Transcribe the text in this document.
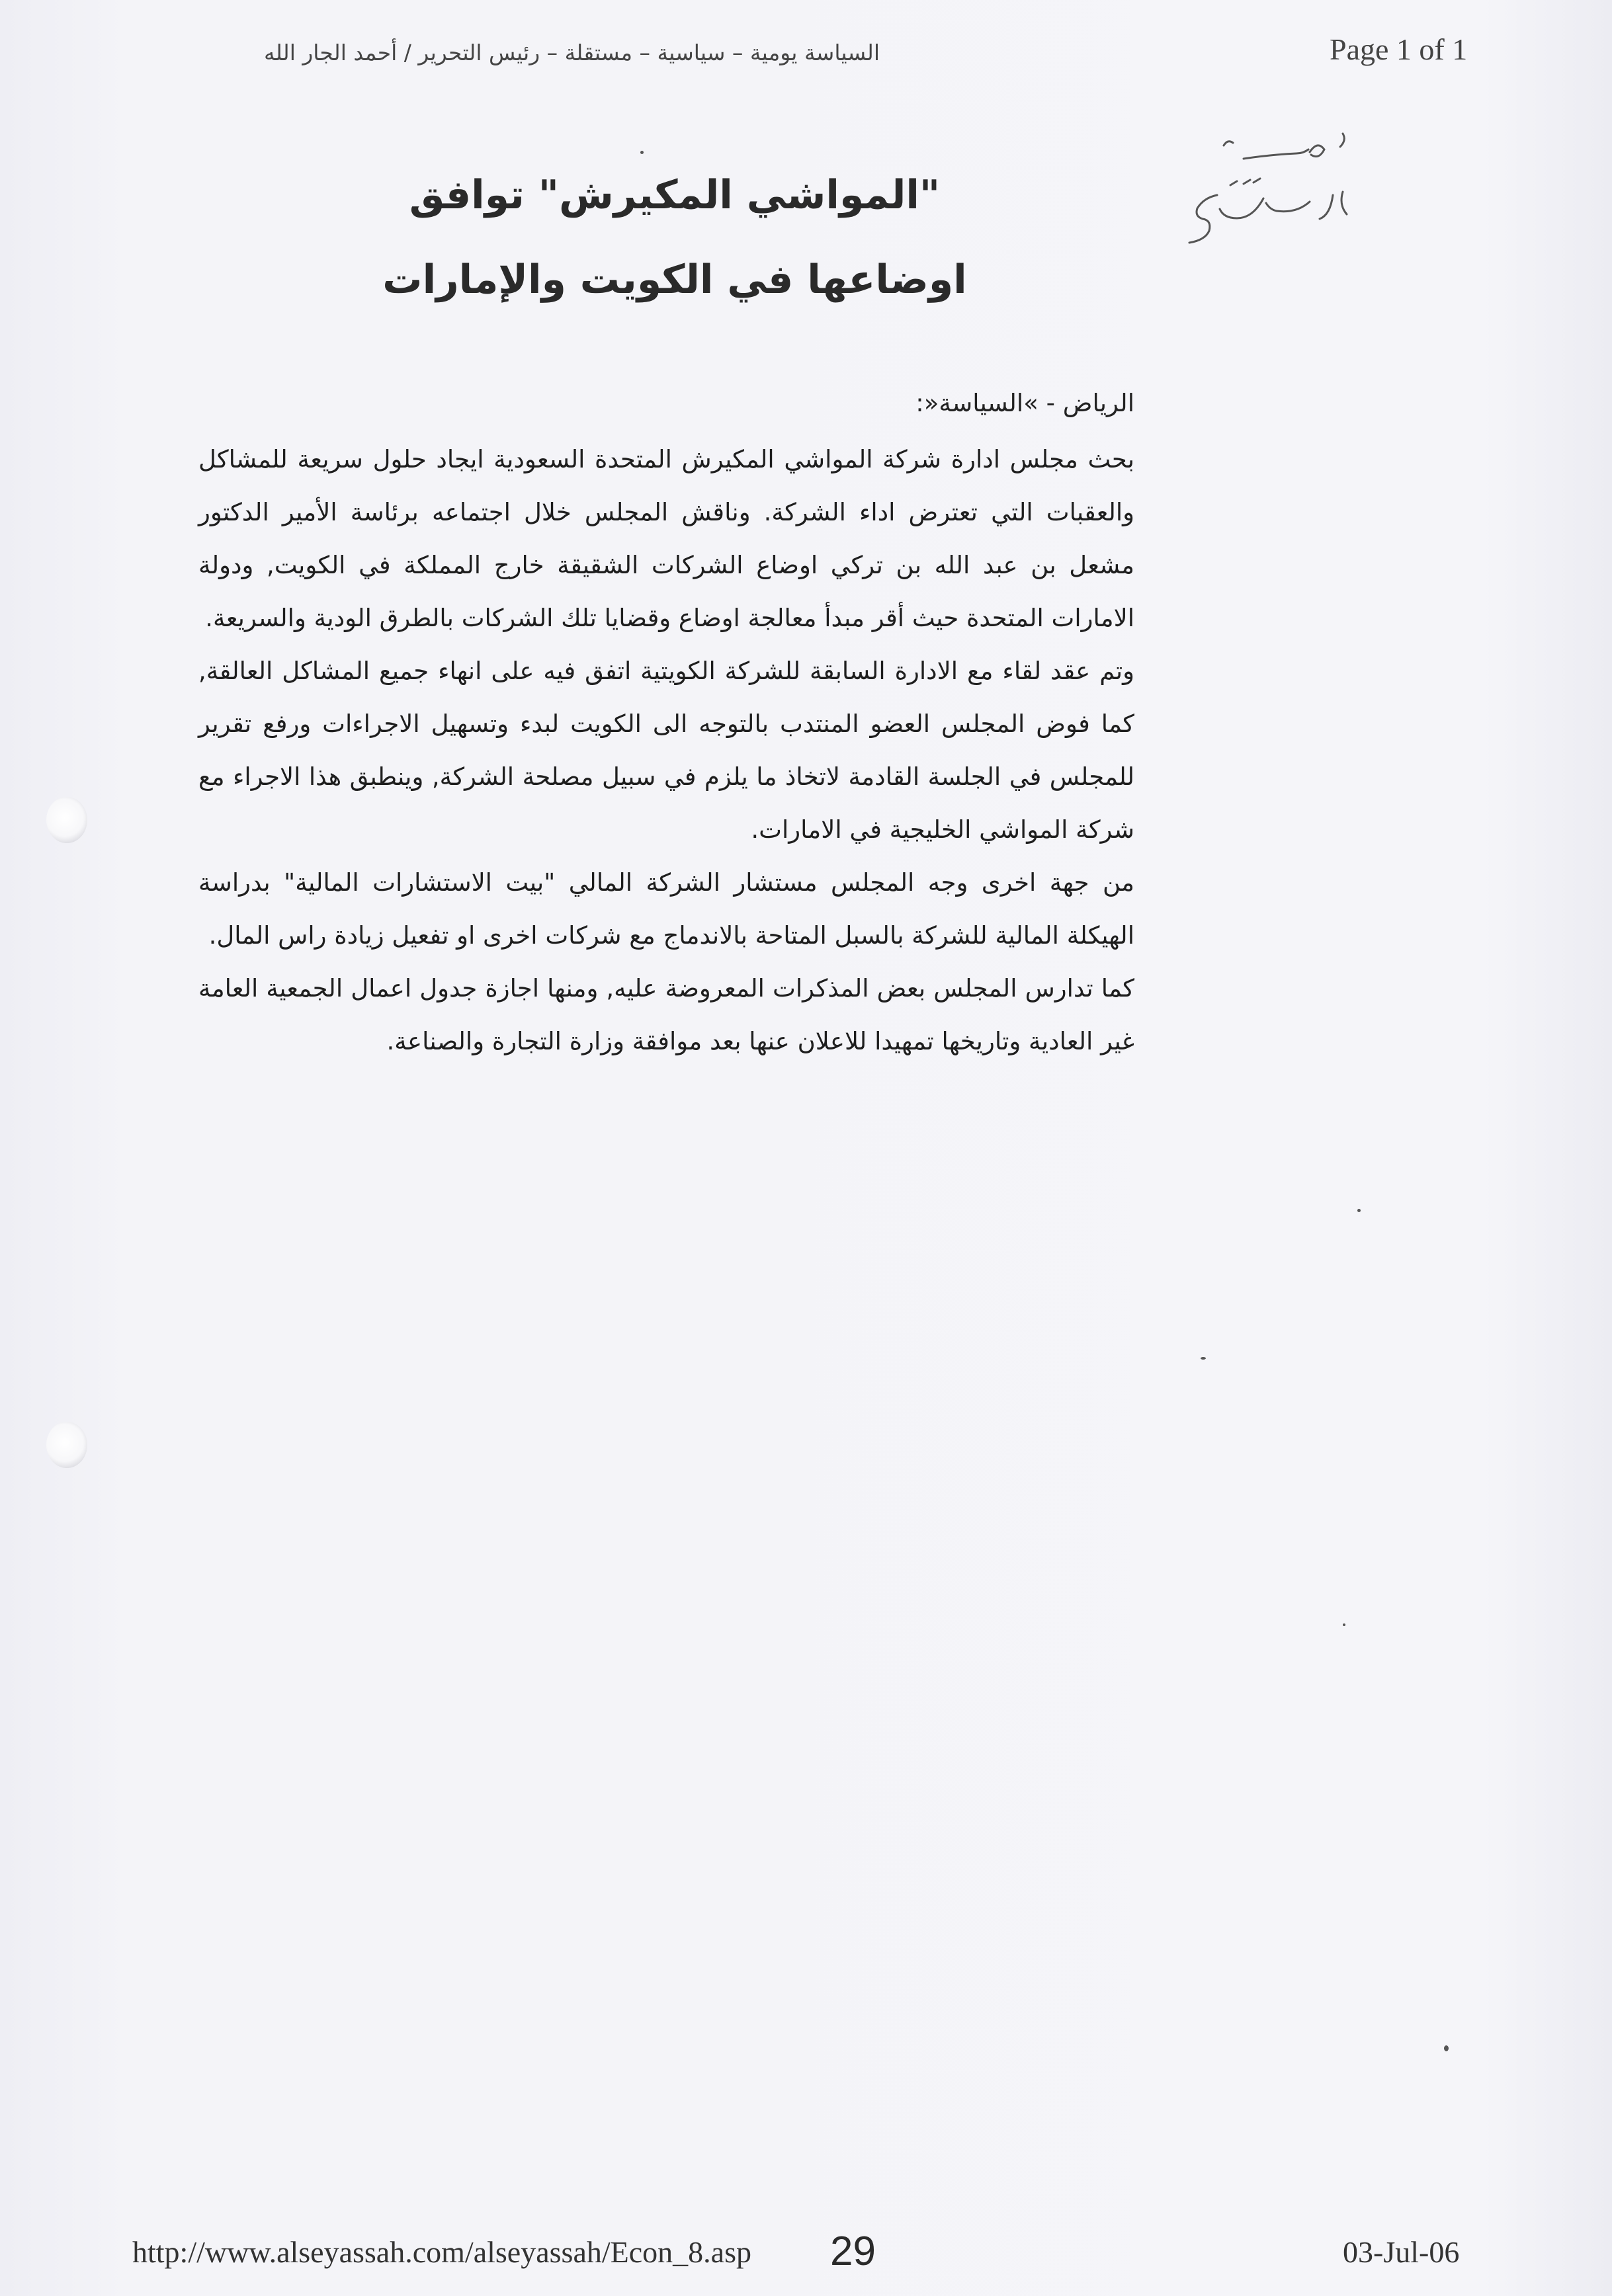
السياسة يومية – سياسية – مستقلة – رئيس التحرير / أحمد الجار الله	Page 1 of 1
"المواشي المكيرش" توافق
اوضاعها في الكويت والإمارات
الرياض - »السياسة«:

بحث مجلس ادارة شركة المواشي المكيرش المتحدة السعودية ايجاد حلول سريعة للمشاكل والعقبات التي تعترض اداء الشركة. وناقش المجلس خلال اجتماعه برئاسة الأمير الدكتور مشعل بن عبد الله بن تركي اوضاع الشركات الشقيقة خارج المملكة في الكويت, ودولة الامارات المتحدة حيث أقر مبدأ معالجة اوضاع وقضايا تلك الشركات بالطرق الودية والسريعة.

وتم عقد لقاء مع الادارة السابقة للشركة الكويتية اتفق فيه على انهاء جميع المشاكل العالقة, كما فوض المجلس العضو المنتدب بالتوجه الى الكويت لبدء وتسهيل الاجراءات ورفع تقرير للمجلس في الجلسة القادمة لاتخاذ ما يلزم في سبيل مصلحة الشركة, وينطبق هذا الاجراء مع شركة المواشي الخليجية في الامارات.

من جهة اخرى وجه المجلس مستشار الشركة المالي "بيت الاستشارات المالية" بدراسة الهيكلة المالية للشركة بالسبل المتاحة بالاندماج مع شركات اخرى او تفعيل زيادة راس المال.

كما تدارس المجلس بعض المذكرات المعروضة عليه, ومنها اجازة جدول اعمال الجمعية العامة غير العادية وتاريخها تمهيدا للاعلان عنها بعد موافقة وزارة التجارة والصناعة.

http://www.alseyassah.com/alseyassah/Econ_8.asp 29	03-Jul-06
